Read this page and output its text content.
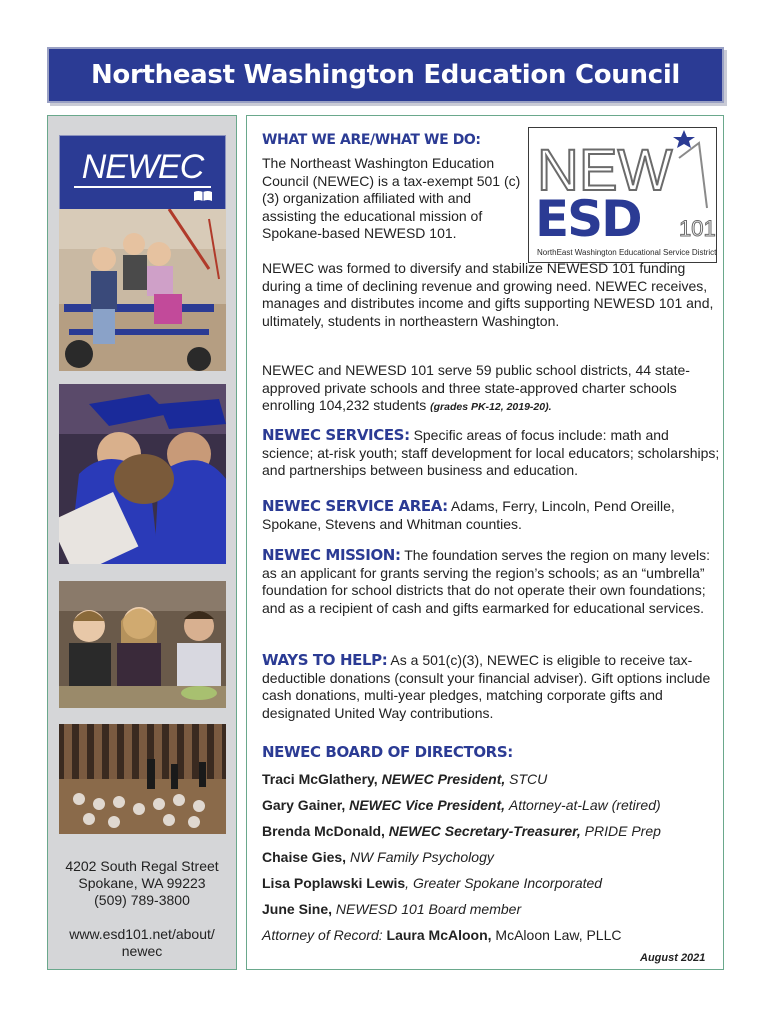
Northeast Washington Education Council
NEWEC
4202 South Regal Street
Spokane, WA 99223
(509) 789-3800
www.esd101.net/about/
newec
NEW
ESD 101
NorthEast Washington Educational Service District
WHAT WE ARE/WHAT WE DO:
The Northeast Washington Education Council (NEWEC) is a tax-exempt 501 (c)(3) organization affiliated with and assisting the educational mission of Spokane-based NEWESD 101.
NEWEC was formed to diversify and stabilize NEWESD 101 funding during a time of declining revenue and growing need. NEWEC receives, manages and distributes income and gifts supporting NEWESD 101 and, ultimately, students in northeastern Washington.
NEWEC and NEWESD 101 serve 59 public school districts, 44 state-approved private schools and three state-approved charter schools enrolling 104,232 students (grades PK-12, 2019-20).
NEWEC SERVICES: Specific areas of focus include: math and science; at-risk youth; staff development for local educators; scholarships; and partnerships between business and education.
NEWEC SERVICE AREA: Adams, Ferry, Lincoln, Pend Oreille, Spokane, Stevens and Whitman counties.
NEWEC MISSION: The foundation serves the region on many levels: as an applicant for grants serving the region’s schools; as an “umbrella” foundation for school districts that do not operate their own foundations; and as a recipient of cash and gifts earmarked for educational services.
WAYS TO HELP: As a 501(c)(3), NEWEC is eligible to receive tax-deductible donations (consult your financial adviser). Gift options include cash donations, multi-year pledges, matching corporate gifts and designated United Way contributions.
NEWEC BOARD OF DIRECTORS:

Traci McGlathery, NEWEC President, STCU

Gary Gainer, NEWEC Vice President, Attorney-at-Law (retired)

Brenda McDonald, NEWEC Secretary-Treasurer, PRIDE Prep

Chaise Gies, NW Family Psychology

Lisa Poplawski Lewis, Greater Spokane Incorporated

June Sine, NEWESD 101 Board member

Attorney of Record: Laura McAloon, McAloon Law, PLLC

August 2021
